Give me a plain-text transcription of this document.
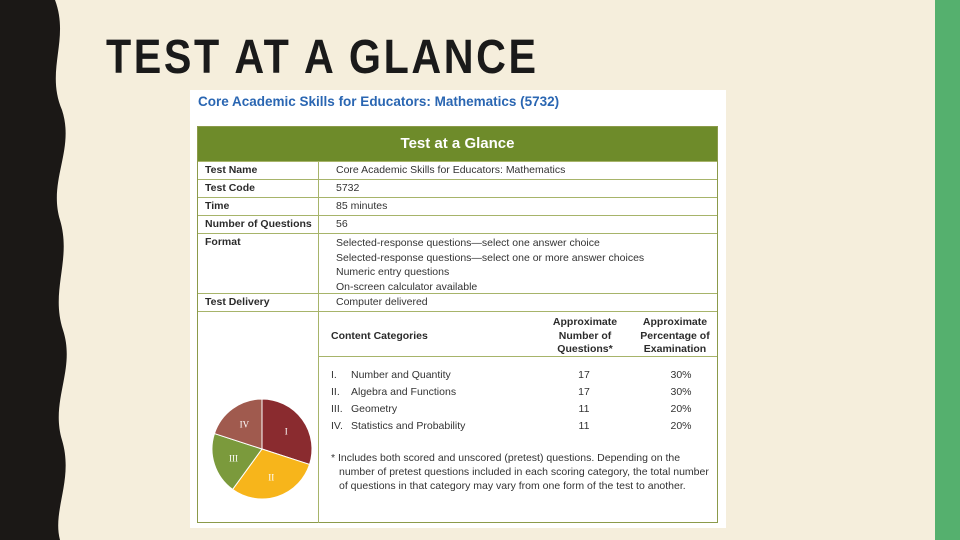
TEST AT A GLANCE
Core Academic Skills for Educators: Mathematics (5732)
Test at a Glance
Test Name	Core Academic Skills for Educators: Mathematics
Test Code	5732
Time	85 minutes
Number of Questions 56
Format	Selected-response questions—select one answer choice
Selected-response questions—select one or more answer choices
Numeric entry questions
On-screen calculator available
Test Delivery	Computer delivered
Content Categories
Approximate
Number of
Questions*
Approximate
Percentage of
Examination
I. Number and Quantity	17	30%
II. Algebra and Functions	17	30%
III. Geometry	11	20%
IV. Statistics and Probability	11	20%
* Includes both scored and unscored (pretest) questions. Depending on the
number of pretest questions included in each scoring category, the total number
of questions in that category may vary from one form of the test to another.
I
II
III
IV
